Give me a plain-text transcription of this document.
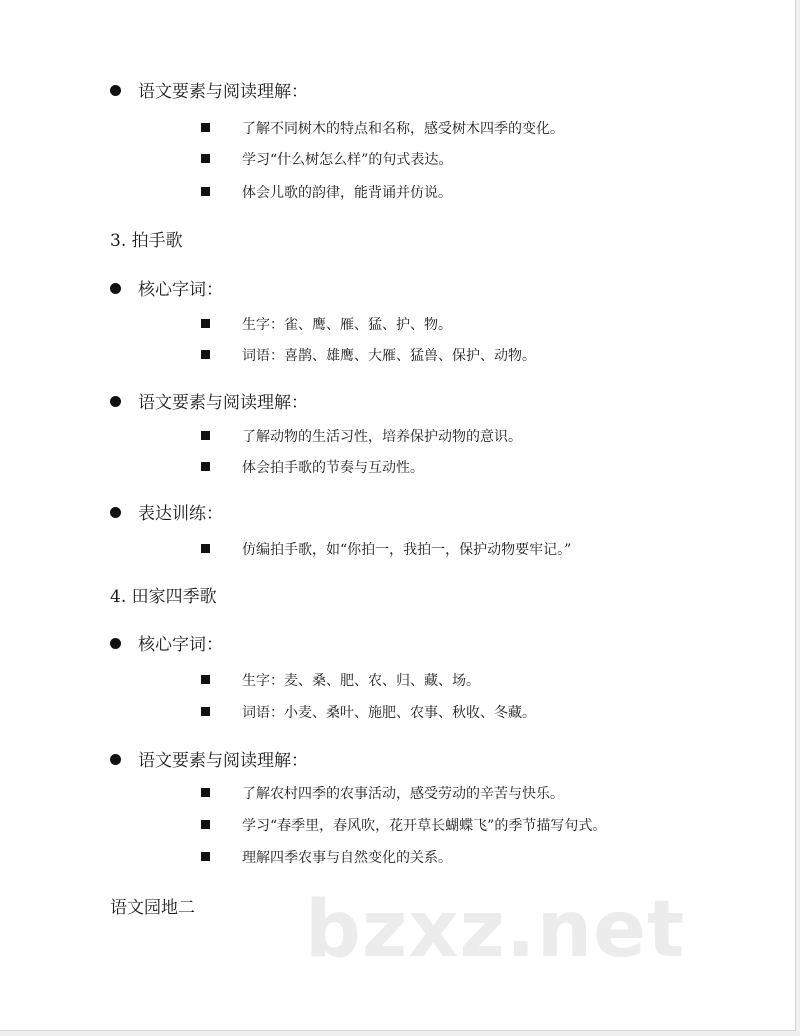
语文要素与阅读理解：
了解不同树木的特点和名称，感受树木四季的变化。
学习“什么树怎么样”的句式表达。
体会儿歌的韵律，能背诵并仿说。
3. 拍手歌
核心字词：
生字：雀、鹰、雁、猛、护、物。
词语：喜鹊、雄鹰、大雁、猛兽、保护、动物。
语文要素与阅读理解：
了解动物的生活习性，培养保护动物的意识。
体会拍手歌的节奏与互动性。
表达训练：
仿编拍手歌，如“你拍一，我拍一，保护动物要牢记。”
4. 田家四季歌
核心字词：
生字：麦、桑、肥、农、归、藏、场。
词语：小麦、桑叶、施肥、农事、秋收、冬藏。
语文要素与阅读理解：
了解农村四季的农事活动，感受劳动的辛苦与快乐。
学习“春季里，春风吹，花开草长蝴蝶飞”的季节描写句式。
理解四季农事与自然变化的关系。
语文园地二 bzxz.net
